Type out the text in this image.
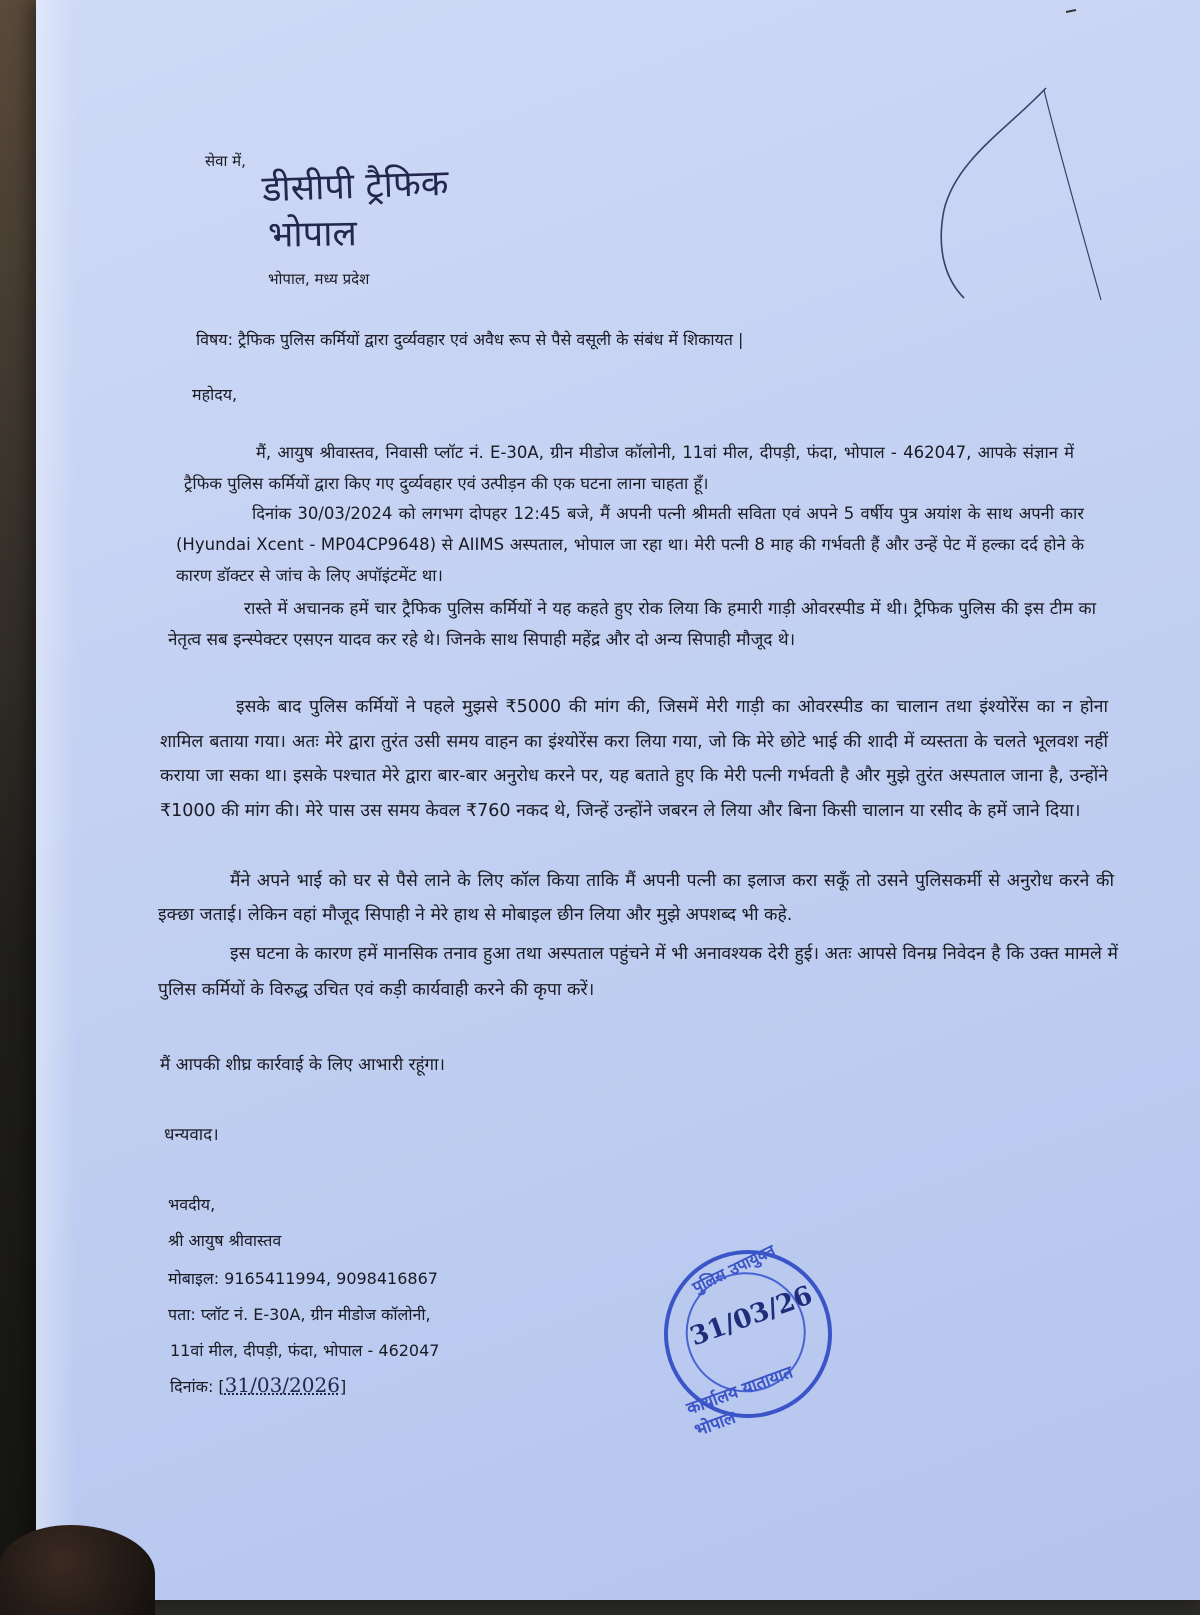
सेवा में,
डीसीपी ट्रैफिक
भोपाल
भोपाल, मध्य प्रदेश
विषय: ट्रैफिक पुलिस कर्मियों द्वारा दुर्व्यवहार एवं अवैध रूप से पैसे वसूली के संबंध में शिकायत |
महोदय,
मैं, आयुष श्रीवास्तव, निवासी प्लॉट नं. E-30A, ग्रीन मीडोज कॉलोनी, 11वां मील, दीपड़ी, फंदा, भोपाल - 462047, आपके संज्ञान में ट्रैफिक पुलिस कर्मियों द्वारा किए गए दुर्व्यवहार एवं उत्पीड़न की एक घटना लाना चाहता हूँ।
दिनांक 30/03/2024 को लगभग दोपहर 12:45 बजे, मैं अपनी पत्नी श्रीमती सविता एवं अपने 5 वर्षीय पुत्र अयांश के साथ अपनी कार (Hyundai Xcent - MP04CP9648) से AIIMS अस्पताल, भोपाल जा रहा था। मेरी पत्नी 8 माह की गर्भवती हैं और उन्हें पेट में हल्का दर्द होने के कारण डॉक्टर से जांच के लिए अपॉइंटमेंट था।
रास्ते में अचानक हमें चार ट्रैफिक पुलिस कर्मियों ने यह कहते हुए रोक लिया कि हमारी गाड़ी ओवरस्पीड में थी। ट्रैफिक पुलिस की इस टीम का नेतृत्व सब इन्स्पेक्टर एसएन यादव कर रहे थे। जिनके साथ सिपाही महेंद्र और दो अन्य सिपाही मौजूद थे।
इसके बाद पुलिस कर्मियों ने पहले मुझसे ₹5000 की मांग की, जिसमें मेरी गाड़ी का ओवरस्पीड का चालान तथा इंश्योरेंस का न होना शामिल बताया गया। अतः मेरे द्वारा तुरंत उसी समय वाहन का इंश्योरेंस करा लिया गया, जो कि मेरे छोटे भाई की शादी में व्यस्तता के चलते भूलवश नहीं कराया जा सका था। इसके पश्चात मेरे द्वारा बार-बार अनुरोध करने पर, यह बताते हुए कि मेरी पत्नी गर्भवती है और मुझे तुरंत अस्पताल जाना है, उन्होंने ₹1000 की मांग की। मेरे पास उस समय केवल ₹760 नकद थे, जिन्हें उन्होंने जबरन ले लिया और बिना किसी चालान या रसीद के हमें जाने दिया।
मैंने अपने भाई को घर से पैसे लाने के लिए कॉल किया ताकि मैं अपनी पत्नी का इलाज करा सकूँ तो उसने पुलिसकर्मी से अनुरोध करने की इक्छा जताई। लेकिन वहां मौजूद सिपाही ने मेरे हाथ से मोबाइल छीन लिया और मुझे अपशब्द भी कहे.
इस घटना के कारण हमें मानसिक तनाव हुआ तथा अस्पताल पहुंचने में भी अनावश्यक देरी हुई। अतः आपसे विनम्र निवेदन है कि उक्त मामले में पुलिस कर्मियों के विरुद्ध उचित एवं कड़ी कार्यवाही करने की कृपा करें।
मैं आपकी शीघ्र कार्रवाई के लिए आभारी रहूंगा।
धन्यवाद।
भवदीय,
श्री आयुष श्रीवास्तव
मोबाइल: 9165411994, 9098416867
पता: प्लॉट नं. E-30A, ग्रीन मीडोज कॉलोनी,
11वां मील, दीपड़ी, फंदा, भोपाल - 462047
दिनांक: [31/03/2026]
पुलिस उपायुक्त
31/03/26
कार्यालय यातायात भोपाल
